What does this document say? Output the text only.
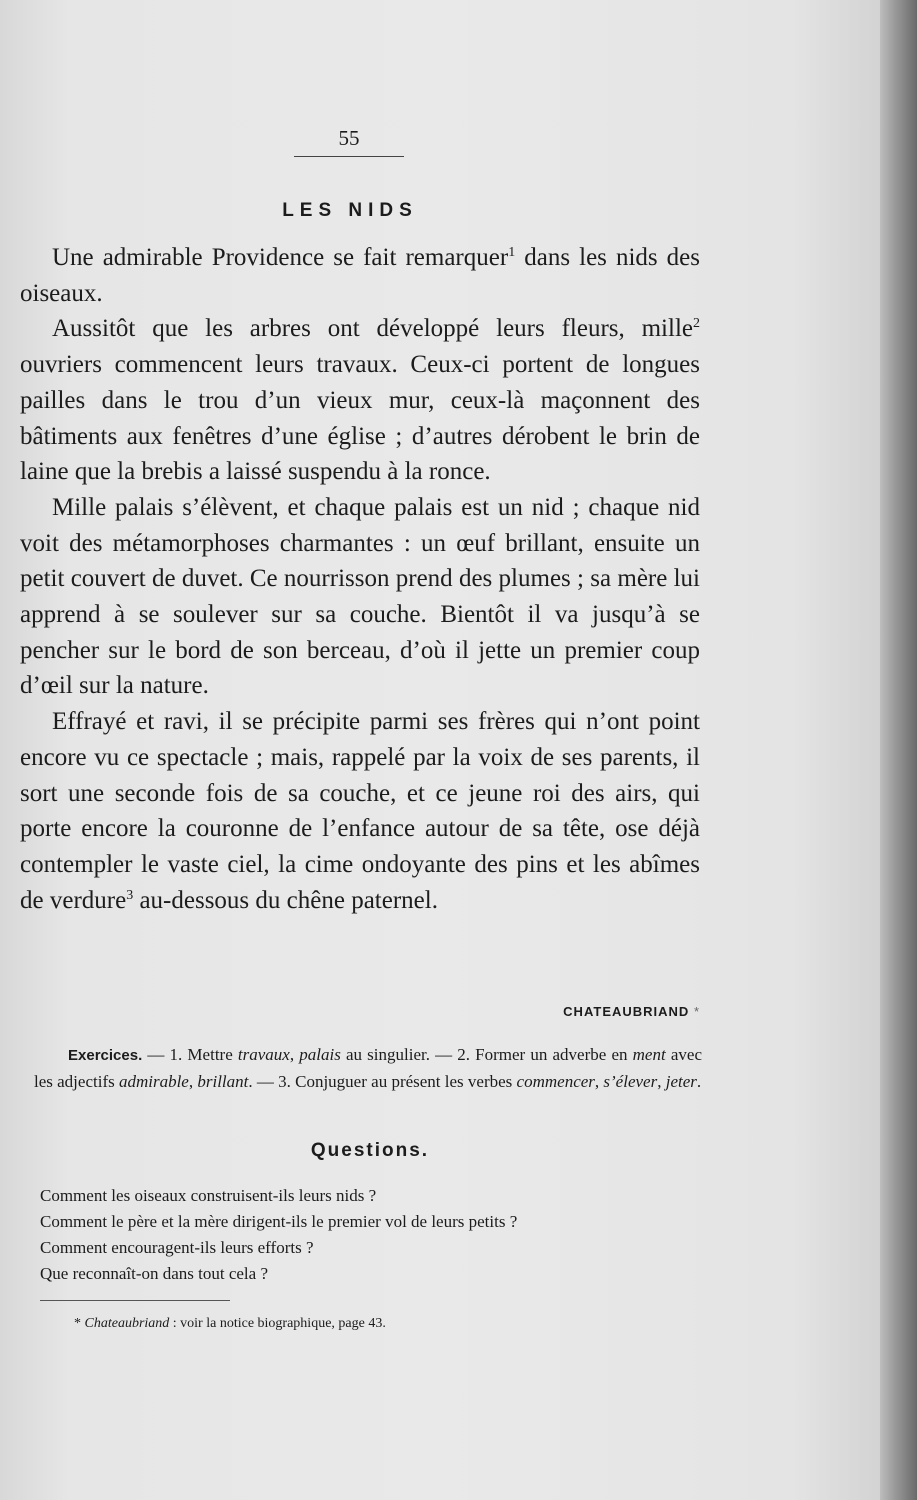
55
LES NIDS

Une admirable Providence se fait remarquer$^1$ dans les nids des oiseaux.

Aussitôt que les arbres ont développé leurs fleurs, mille$^2$ ouvriers commencent leurs travaux. Ceux-ci portent de longues pailles dans le trou d’un vieux mur, ceux-là maçonnent des bâtiments aux fenêtres d’une église ; d’autres dérobent le brin de laine que la brebis a laissé suspendu à la ronce.

Mille palais s’élèvent, et chaque palais est un nid ; chaque nid voit des métamorphoses charmantes : un œuf brillant, ensuite un petit couvert de duvet. Ce nourrisson prend des plumes ; sa mère lui apprend à se soulever sur sa couche. Bientôt il va jusqu’à se pencher sur le bord de son berceau, d’où il jette un premier coup d’œil sur la nature.

Effrayé et ravi, il se précipite parmi ses frères qui n’ont point encore vu ce spectacle ; mais, rappelé par la voix de ses parents, il sort une seconde fois de sa couche, et ce jeune roi des airs, qui porte encore la couronne de l’enfance autour de sa tête, ose déjà contempler le vaste ciel, la cime ondoyante des pins et les abîmes de verdure$^3$ au-dessous du chêne paternel.

CHATEAUBRIAND *
Exercices. — 1. Mettre travaux, palais au singulier. — 2. Former un adverbe en ment avec les adjectifs admirable, brillant. — 3. Conjuguer au présent les verbes commencer, s’élever, jeter.
Questions.
Comment les oiseaux construisent-ils leurs nids ?
Comment le père et la mère dirigent-ils le premier vol de leurs petits ?
Comment encouragent-ils leurs efforts ?
Que reconnaît-on dans tout cela ?
* Chateaubriand : voir la notice biographique, page 43.
